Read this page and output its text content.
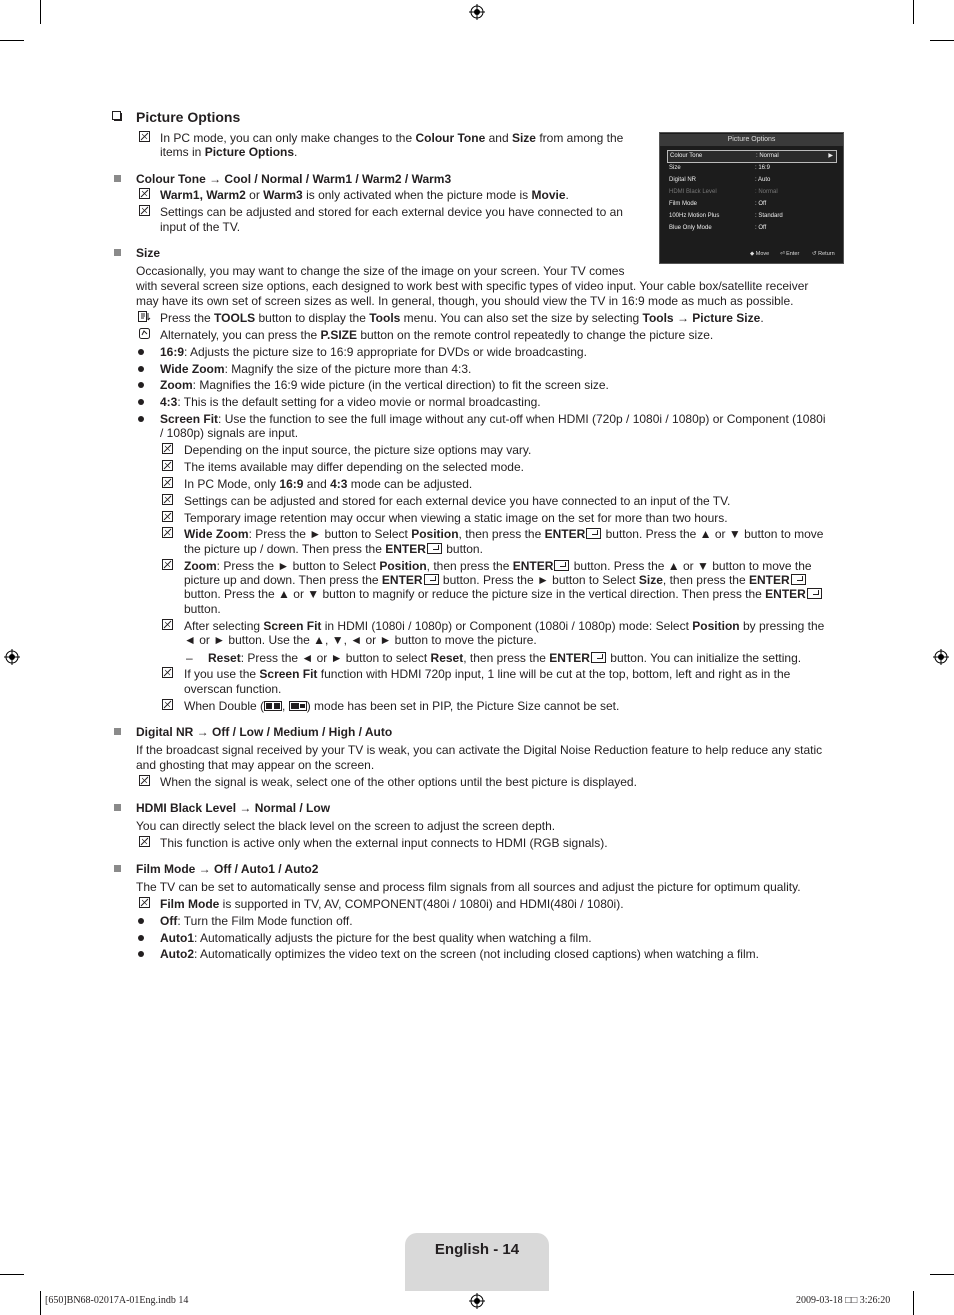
Picture Options
In PC mode, you can only make changes to the Colour Tone and Size from among the
items in Picture Options.
Colour Tone → Cool / Normal / Warm1 / Warm2 / Warm3
Warm1, Warm2 or Warm3 is only activated when the picture mode is Movie.
Settings can be adjusted and stored for each external device you have connected to an
input of the TV.
Picture Options
Colour Tone	: Normal	▶
Size	: 16:9
Digital NR	: Auto
HDMI Black Level	: Normal
Film Mode	: Off
100Hz Motion Plus	: Standard
Blue Only Mode	: Off
◆ Move ⏎ Enter ↺ Return
Size
Occasionally, you may want to change the size of the image on your screen. Your TV comes
with several screen size options, each designed to work best with specific types of video input. Your cable box/satellite receiver
may have its own set of screen sizes as well. In general, though, you should view the TV in 16:9 mode as much as possible.
Press the TOOLS button to display the Tools menu. You can also set the size by selecting Tools → Picture Size.
Alternately, you can press the P.SIZE button on the remote control repeatedly to change the picture size.
16:9: Adjusts the picture size to 16:9 appropriate for DVDs or wide broadcasting.
Wide Zoom: Magnify the size of the picture more than 4:3.
Zoom: Magnifies the 16:9 wide picture (in the vertical direction) to fit the screen size.
4:3: This is the default setting for a video movie or normal broadcasting.
Screen Fit: Use the function to see the full image without any cut-off when HDMI (720p / 1080i / 1080p) or Component (1080i
/ 1080p) signals are input.
Depending on the input source, the picture size options may vary.
The items available may differ depending on the selected mode.
In PC Mode, only 16:9 and 4:3 mode can be adjusted.
Settings can be adjusted and stored for each external device you have connected to an input of the TV.
Temporary image retention may occur when viewing a static image on the set for more than two hours.
Wide Zoom: Press the ► button to Select Position, then press the ENTER button. Press the ▲ or ▼ button to move
the picture up / down. Then press the ENTER button.
Zoom: Press the ► button to Select Position, then press the ENTER button. Press the ▲ or ▼ button to move the
picture up and down. Then press the ENTER button. Press the ► button to Select Size, then press the ENTER
button. Press the ▲ or ▼ button to magnify or reduce the picture size in the vertical direction. Then press the ENTER
button.
After selecting Screen Fit in HDMI (1080i / 1080p) or Component (1080i / 1080p) mode: Select Position by pressing the
◄ or ► button. Use the ▲, ▼, ◄ or ► button to move the picture.
– Reset: Press the ◄ or ► button to select Reset, then press the ENTER button. You can initialize the setting.
If you use the Screen Fit function with HDMI 720p input, 1 line will be cut at the top, bottom, left and right as in the
overscan function.
When Double ( , ) mode has been set in PIP, the Picture Size cannot be set.
Digital NR → Off / Low / Medium / High / Auto
If the broadcast signal received by your TV is weak, you can activate the Digital Noise Reduction feature to help reduce any static
and ghosting that may appear on the screen.
When the signal is weak, select one of the other options until the best picture is displayed.
HDMI Black Level → Normal / Low
You can directly select the black level on the screen to adjust the screen depth.
This function is active only when the external input connects to HDMI (RGB signals).
Film Mode → Off / Auto1 / Auto2
The TV can be set to automatically sense and process film signals from all sources and adjust the picture for optimum quality.
Film Mode is supported in TV, AV, COMPONENT(480i / 1080i) and HDMI(480i / 1080i).
Off: Turn the Film Mode function off.
Auto1: Automatically adjusts the picture for the best quality when watching a film.
Auto2: Automatically optimizes the video text on the screen (not including closed captions) when watching a film.
English - 14
[650]BN68-02017A-01Eng.indb 14	2009-03-18 □□ 3:26:20
